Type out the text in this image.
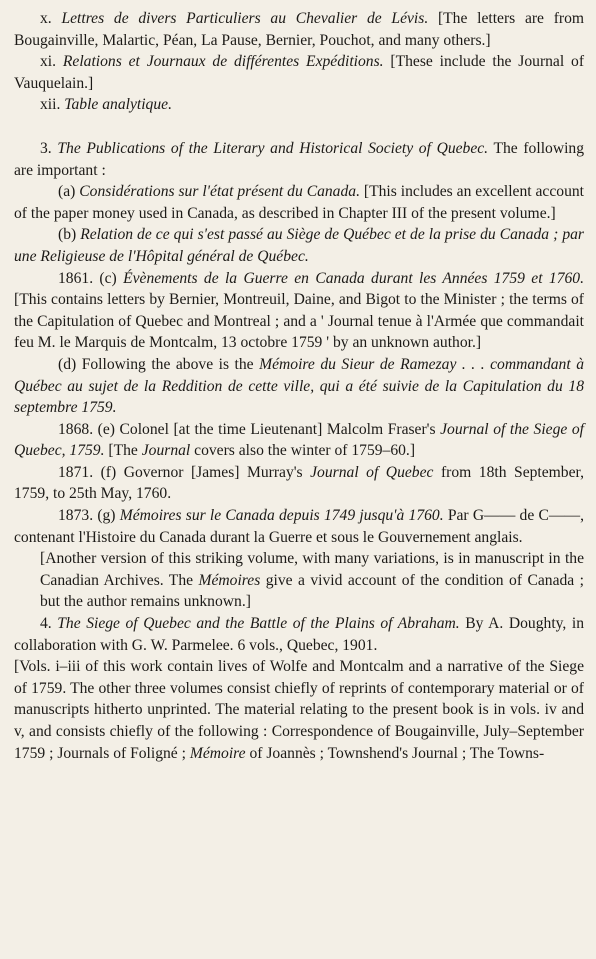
x. Lettres de divers Particuliers au Chevalier de Lévis. [The letters are from Bougainville, Malartic, Péan, La Pause, Bernier, Pouchot, and many others.]
xi. Relations et Journaux de différentes Expéditions. [These include the Journal of Vauquelain.]
xii. Table analytique.
3. The Publications of the Literary and Historical Society of Quebec. The following are important :
(a) Considérations sur l'état présent du Canada. [This includes an excellent account of the paper money used in Canada, as described in Chapter III of the present volume.]
(b) Relation de ce qui s'est passé au Siège de Québec et de la prise du Canada ; par une Religieuse de l'Hôpital général de Québec.
1861. (c) Évènements de la Guerre en Canada durant les Années 1759 et 1760. [This contains letters by Bernier, Montreuil, Daine, and Bigot to the Minister ; the terms of the Capitulation of Quebec and Montreal ; and a ' Journal tenue à l'Armée que commandait feu M. le Marquis de Montcalm, 13 octobre 1759 ' by an unknown author.]
(d) Following the above is the Mémoire du Sieur de Ramezay . . . commandant à Québec au sujet de la Reddition de cette ville, qui a été suivie de la Capitulation du 18 septembre 1759.
1868. (e) Colonel [at the time Lieutenant] Malcolm Fraser's Journal of the Siege of Quebec, 1759. [The Journal covers also the winter of 1759–60.]
1871. (f) Governor [James] Murray's Journal of Quebec from 18th September, 1759, to 25th May, 1760.
1873. (g) Mémoires sur le Canada depuis 1749 jusqu'à 1760. Par G—— de C——, contenant l'Histoire du Canada durant la Guerre et sous le Gouvernement anglais.
[Another version of this striking volume, with many variations, is in manuscript in the Canadian Archives. The Mémoires give a vivid account of the condition of Canada ; but the author remains unknown.]
4. The Siege of Quebec and the Battle of the Plains of Abraham. By A. Doughty, in collaboration with G. W. Parmelee. 6 vols., Quebec, 1901.
[Vols. i–iii of this work contain lives of Wolfe and Montcalm and a narrative of the Siege of 1759. The other three volumes consist chiefly of reprints of contemporary material or of manuscripts hitherto unprinted. The material relating to the present book is in vols. iv and v, and consists chiefly of the following : Correspondence of Bougainville, July–September 1759 ; Journals of Foligné ; Mémoire of Joannès ; Townshend's Journal ; The Towns-
